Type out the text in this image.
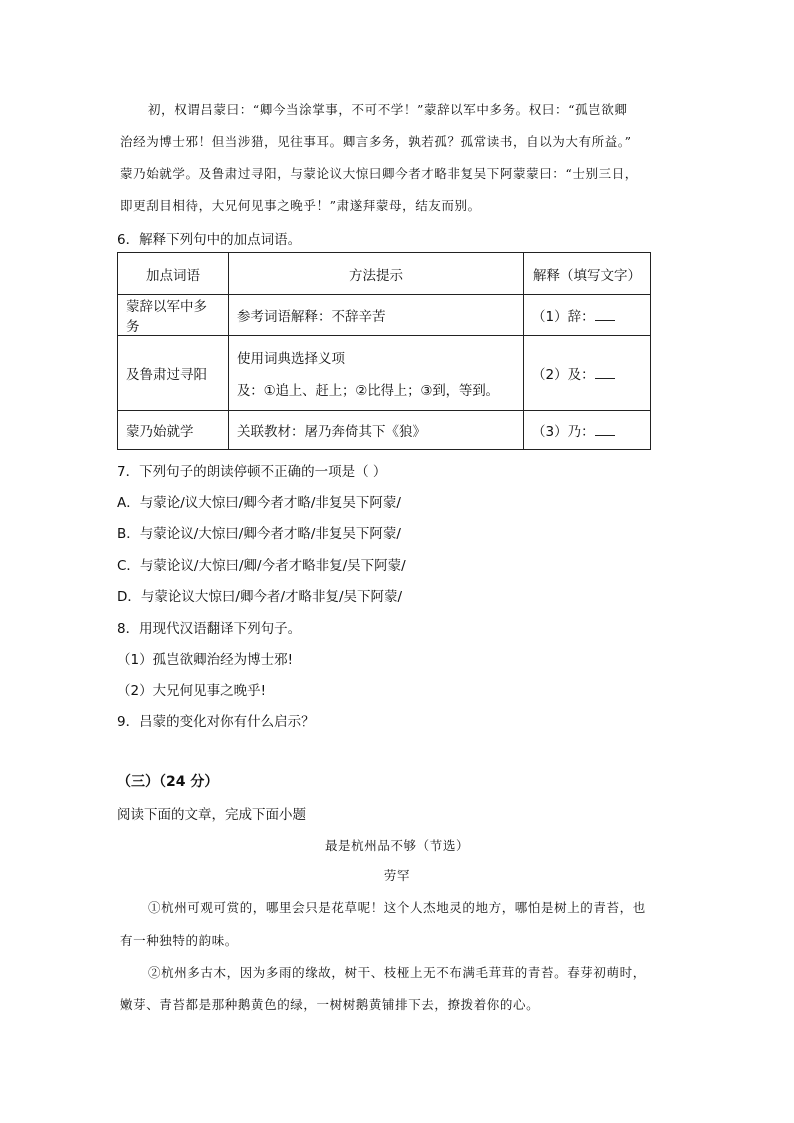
初，权谓吕蒙曰：“卿今当涂掌事，不可不学！”蒙辞以军中多务。权曰：“孤岂欲卿
治经为博士邪！但当涉猎，见往事耳。卿言多务，孰若孤？孤常读书，自以为大有所益。”
蒙乃始就学。及鲁肃过寻阳，与蒙论议大惊曰卿今者才略非复吴下阿蒙蒙曰：“士别三日，
即更刮目相待，大兄何见事之晚乎！”肃遂拜蒙母，结友而别。
6．解释下列句中的加点词语。
加点词语	方法提示	解释（填写文字）
蒙辞以军中多务	参考词语解释：不辞辛苦	（1）辞：
及鲁肃过寻阳	使用词典选择义项
及：①追上、赶上；②比得上；③到，等到。	（2）及：
蒙乃始就学	关联教材：屠乃奔倚其下《狼》	（3）乃：
7．下列句子的朗读停顿不正确的一项是（ ）
A．与蒙论/议大惊曰/卿今者才略/非复吴下阿蒙/
B．与蒙论议/大惊曰/卿今者才略/非复吴下阿蒙/
C．与蒙论议/大惊曰/卿/今者才略非复/吴下阿蒙/
D．与蒙论议大惊曰/卿今者/才略非复/吴下阿蒙/
8．用现代汉语翻译下列句子。
（1）孤岂欲卿治经为博士邪!
（2）大兄何见事之晚乎!
9．吕蒙的变化对你有什么启示？
（三）（24 分）
阅读下面的文章，完成下面小题
最是杭州品不够（节选）
劳罕
①杭州可观可赏的，哪里会只是花草呢！这个人杰地灵的地方，哪怕是树上的青苔，也
有一种独特的韵味。
②杭州多古木，因为多雨的缘故，树干、枝桠上无不布满毛茸茸的青苔。春芽初萌时，
嫩芽、青苔都是那种鹅黄色的绿，一树树鹅黄铺排下去，撩拨着你的心。
